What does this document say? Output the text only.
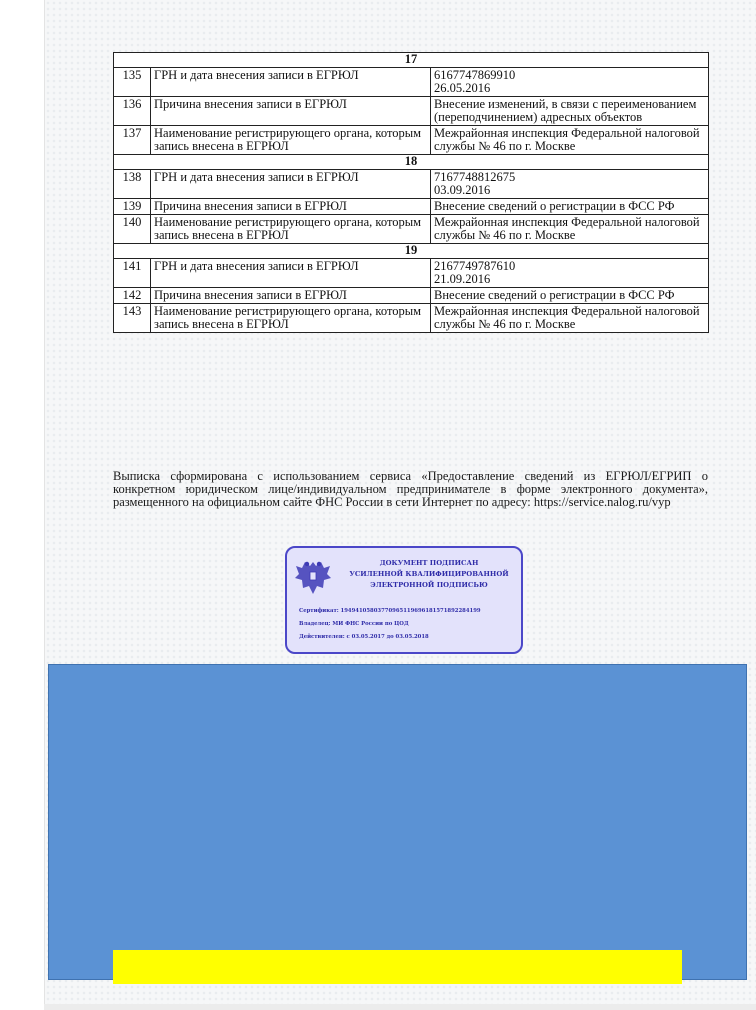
17		
135	ГРН и дата внесения записи в ЕГРЮЛ	6167747869910
26.05.2016
136	Причина внесения записи в ЕГРЮЛ	Внесение изменений, в связи с переименованием (переподчинением) адресных объектов
137	Наименование регистрирующего органа, которым запись внесена в ЕГРЮЛ	Межрайонная инспекция Федеральной налоговой службы № 46 по г. Москве
18		
138	ГРН и дата внесения записи в ЕГРЮЛ	7167748812675
03.09.2016
139	Причина внесения записи в ЕГРЮЛ	Внесение сведений о регистрации в ФСС РФ
140	Наименование регистрирующего органа, которым запись внесена в ЕГРЮЛ	Межрайонная инспекция Федеральной налоговой службы № 46 по г. Москве
19		
141	ГРН и дата внесения записи в ЕГРЮЛ	2167749787610
21.09.2016
142	Причина внесения записи в ЕГРЮЛ	Внесение сведений о регистрации в ФСС РФ
143	Наименование регистрирующего органа, которым запись внесена в ЕГРЮЛ	Межрайонная инспекция Федеральной налоговой службы № 46 по г. Москве
Выписка сформирована с использованием сервиса «Предоставление сведений из ЕГРЮЛ/ЕГРИП о конкретном юридическом лице/индивидуальном предпринимателе в форме электронного документа», размещенного на официальном сайте ФНС России в сети Интернет по адресу: https://service.nalog.ru/vyp
ДОКУМЕНТ ПОДПИСАН
УСИЛЕННОЙ КВАЛИФИЦИРОВАННОЙ
ЭЛЕКТРОННОЙ ПОДПИСЬЮ
Сертификат: 194941058037709651196961815718922841​99
Владелец: МИ ФНС России по ЦОД
Действителен: с 03.05.2017 до 03.05.2018
